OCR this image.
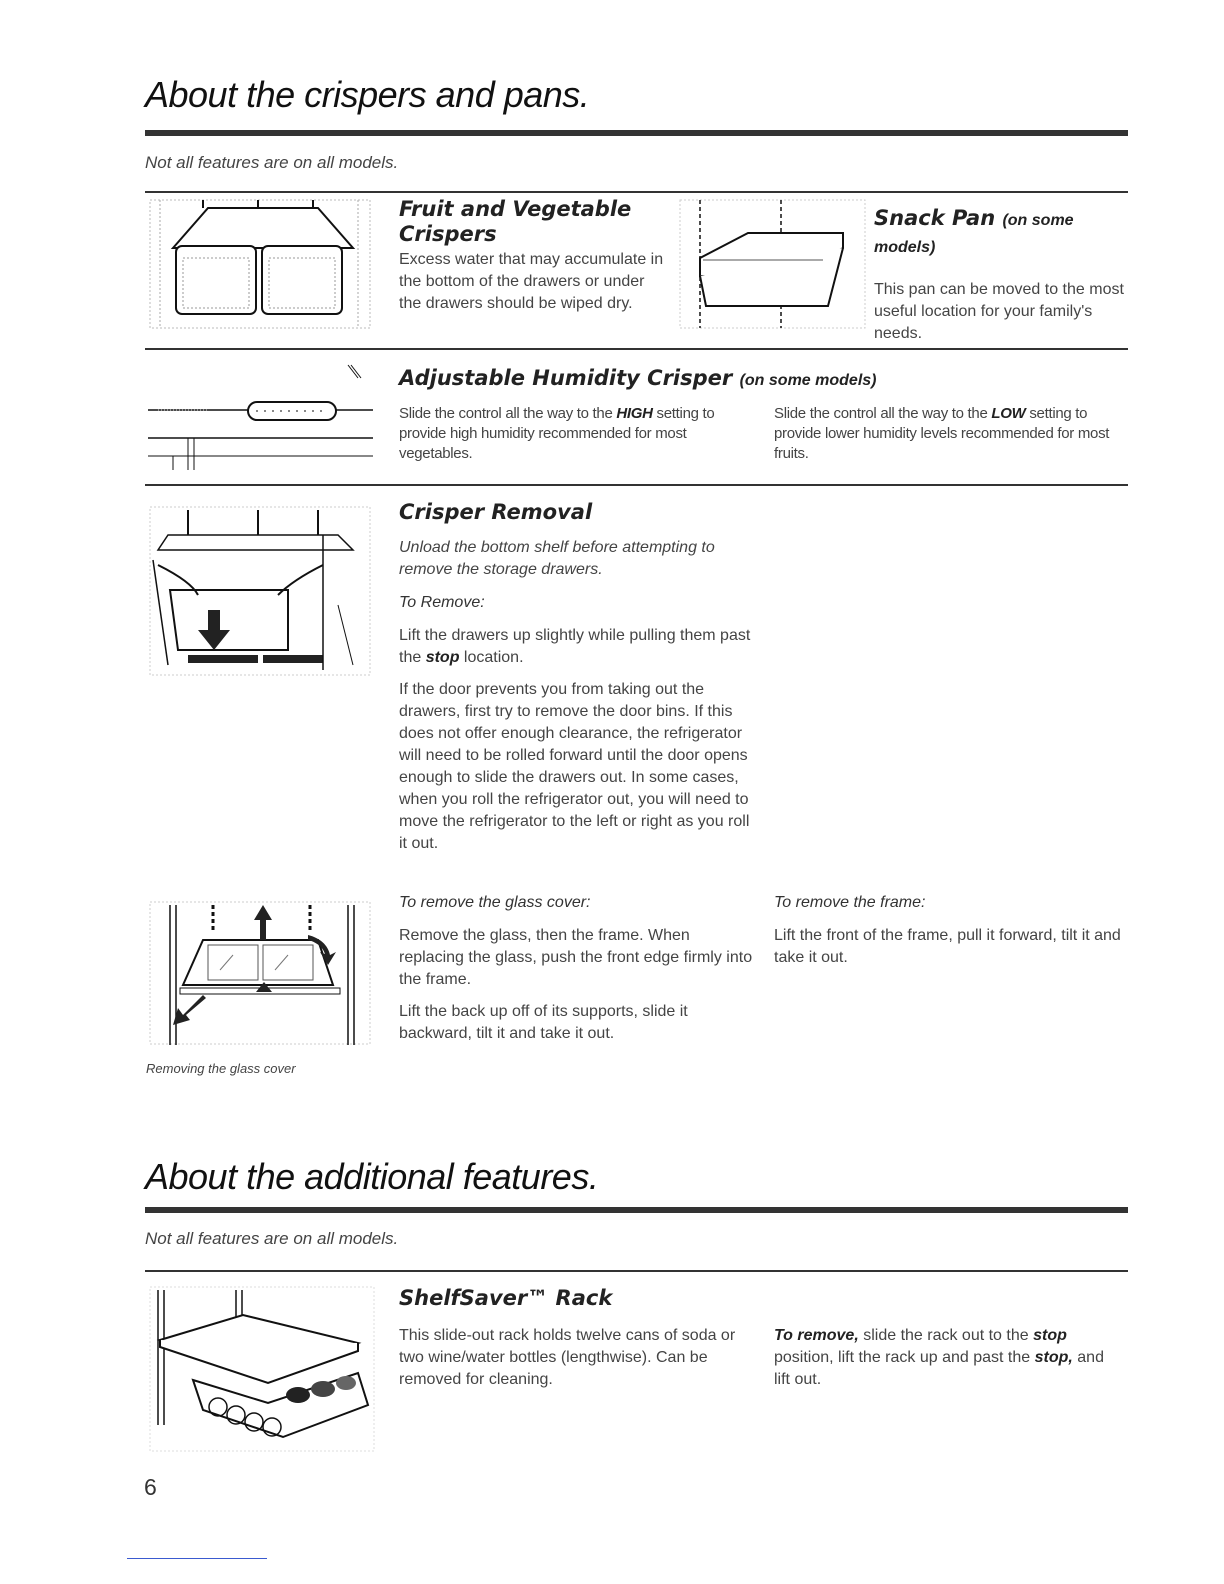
About the crispers and pans.
Not all features are on all models.
Fruit and Vegetable Crispers

Excess water that may accumulate in the bottom of the drawers or under the drawers should be wiped dry.

Snack Pan (on some models)

This pan can be moved to the most useful location for your family's needs.

Adjustable Humidity Crisper (on some models)

Slide the control all the way to the HIGH setting to provide high humidity recommended for most vegetables.

Slide the control all the way to the LOW setting to provide lower humidity levels recommended for most fruits.

Crisper Removal

Unload the bottom shelf before attempting to remove the storage drawers.

To Remove:

Lift the drawers up slightly while pulling them past the stop location.

If the door prevents you from taking out the drawers, first try to remove the door bins. If this does not offer enough clearance, the refrigerator will need to be rolled forward until the door opens enough to slide the drawers out. In some cases, when you roll the refrigerator out, you will need to move the refrigerator to the left or right as you roll it out.

To remove the glass cover:

Remove the glass, then the frame. When replacing the glass, push the front edge firmly into the frame.

Lift the back up off of its supports, slide it backward, tilt it and take it out.

To remove the frame:

Lift the front of the frame, pull it forward, tilt it and take it out.

Removing the glass cover
About the additional features.
Not all features are on all models.
ShelfSaver™ Rack

This slide-out rack holds twelve cans of soda or two wine/water bottles (lengthwise). Can be removed for cleaning.

To remove, slide the rack out to the stop position, lift the rack up and past the stop, and lift out.

6
